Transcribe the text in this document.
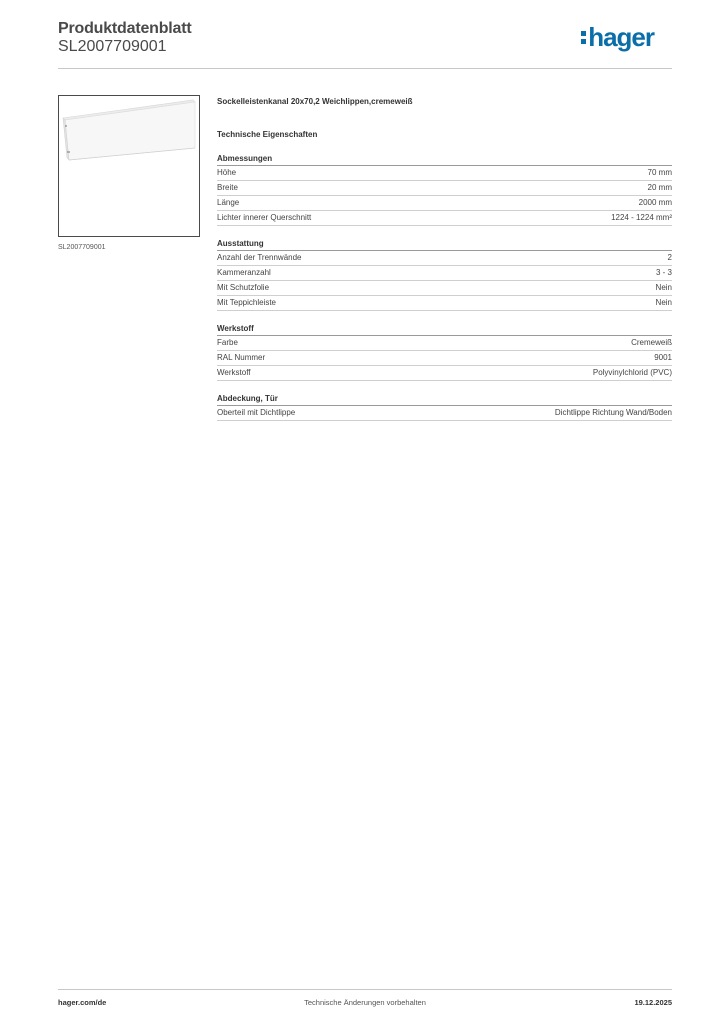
Produktdatenblatt
SL2007709001	hager
SL2007709001
Sockelleistenkanal 20x70,2 Weichlippen,cremeweiß
Technische Eigenschaften
Abmessungen
Höhe	70 mm
Breite	20 mm
Länge	2000 mm
Lichter innerer Querschnitt	1224 - 1224 mm²
Ausstattung
Anzahl der Trennwände	2
Kammeranzahl	3 - 3
Mit Schutzfolie	Nein
Mit Teppichleiste	Nein
Werkstoff
Farbe	Cremeweiß
RAL Nummer	9001
Werkstoff	Polyvinylchlorid (PVC)
Abdeckung, Tür
Oberteil mit Dichtlippe	Dichtlippe Richtung Wand/Boden
Technische Änderungen vorbehalten
hager.com/de	19.12.2025
